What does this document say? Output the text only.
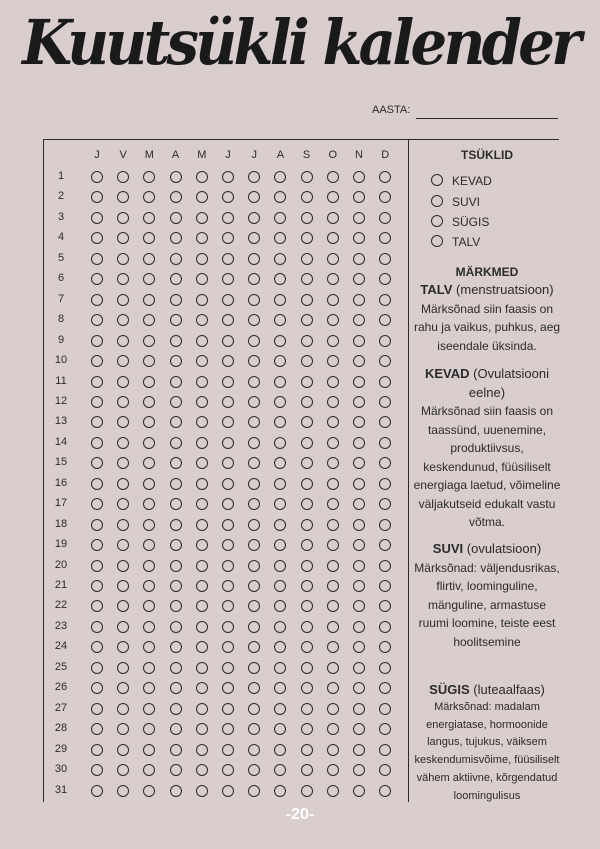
Kuutsükli kalender
AASTA:
J	V	M	A	M	J	J	A	S	O	N	D
1
2
3
4
5
6
7
8
9
10
11
12
13
14
15
16
17
18
19
20
21
22
23
24
25
26
27
28
29
30
31
TSÜKLID
KEVAD
SUVI
SÜGIS
TALV
MÄRKMED
TALV (menstruatsioon)
Märksõnad siin faasis on rahu ja vaikus, puhkus, aeg iseendale üksinda.
KEVAD (Ovulatsiooni eelne)
Märksõnad siin faasis on taassünd, uuenemine, produktiivsus, keskendunud, füüsiliselt energiaga laetud, võimeline väljakutseid edukalt vastu võtma.
SUVI (ovulatsioon)
Märksõnad: väljendusrikas, flirtiv, loominguline, mänguline, armastuse ruumi loomine, teiste eest hoolitsemine
SÜGIS (luteaalfaas)
Märksõnad: madalam energiatase, hormoonide langus, tujukus, väiksem keskendumisvõime, füüsiliselt vähem aktiivne, kõrgendatud loomingulisus
-20-
